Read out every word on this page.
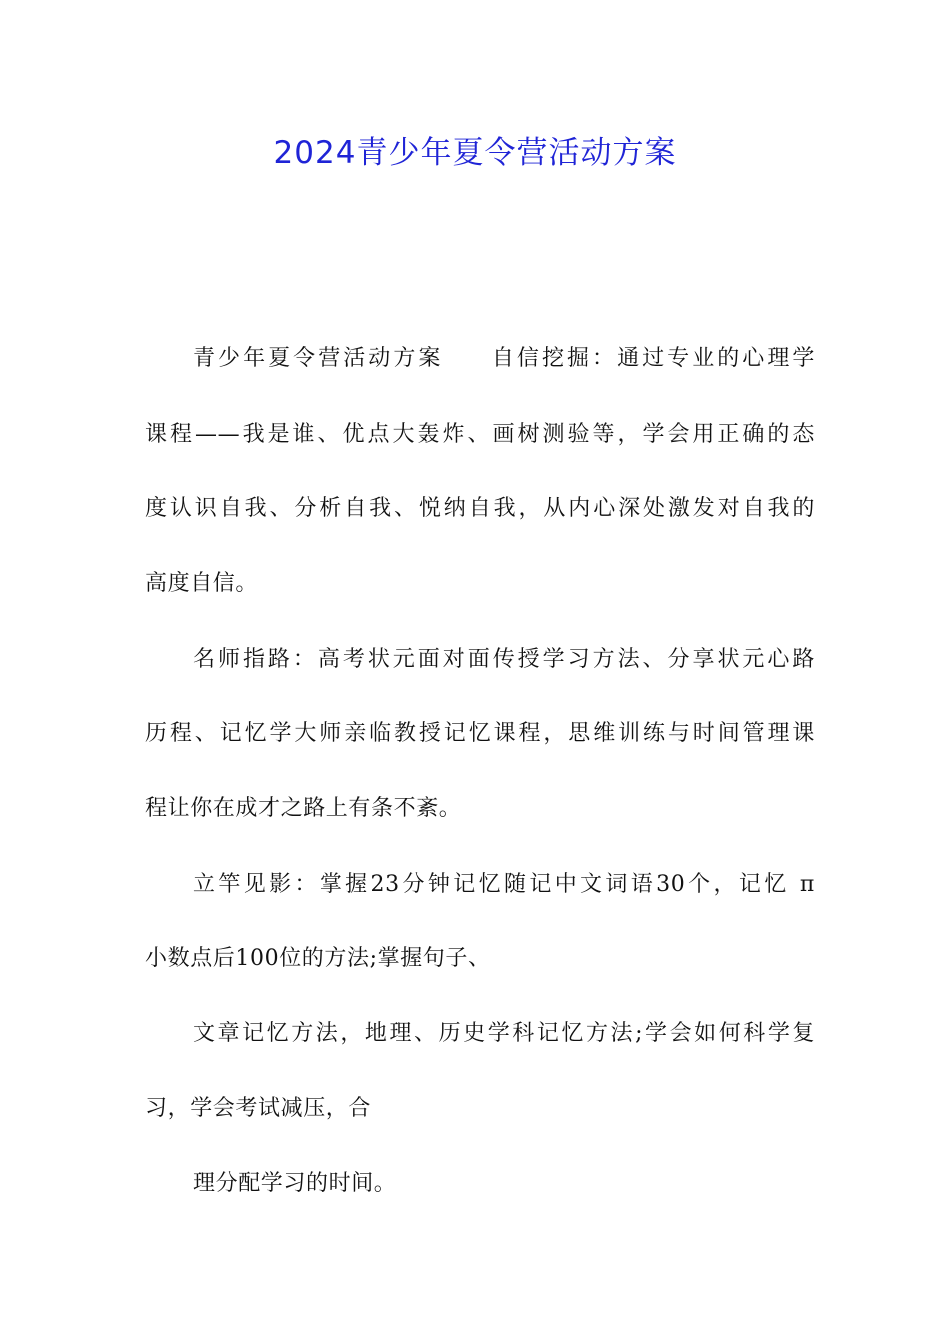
2024青少年夏令营活动方案
青少年夏令营活动方案 自信挖掘：通过专业的心理学
课程——我是谁、优点大轰炸、画树测验等，学会用正确的态
度认识自我、分析自我、悦纳自我，从内心深处激发对自我的
高度自信。
名师指路：高考状元面对面传授学习方法、分享状元心路
历程、记忆学大师亲临教授记忆课程，思维训练与时间管理课
程让你在成才之路上有条不紊。
立竿见影：掌握23分钟记忆随记中文词语30个，记忆 π
小数点后100位的方法;掌握句子、
文章记忆方法，地理、历史学科记忆方法;学会如何科学复
习，学会考试减压，合
理分配学习的时间。
